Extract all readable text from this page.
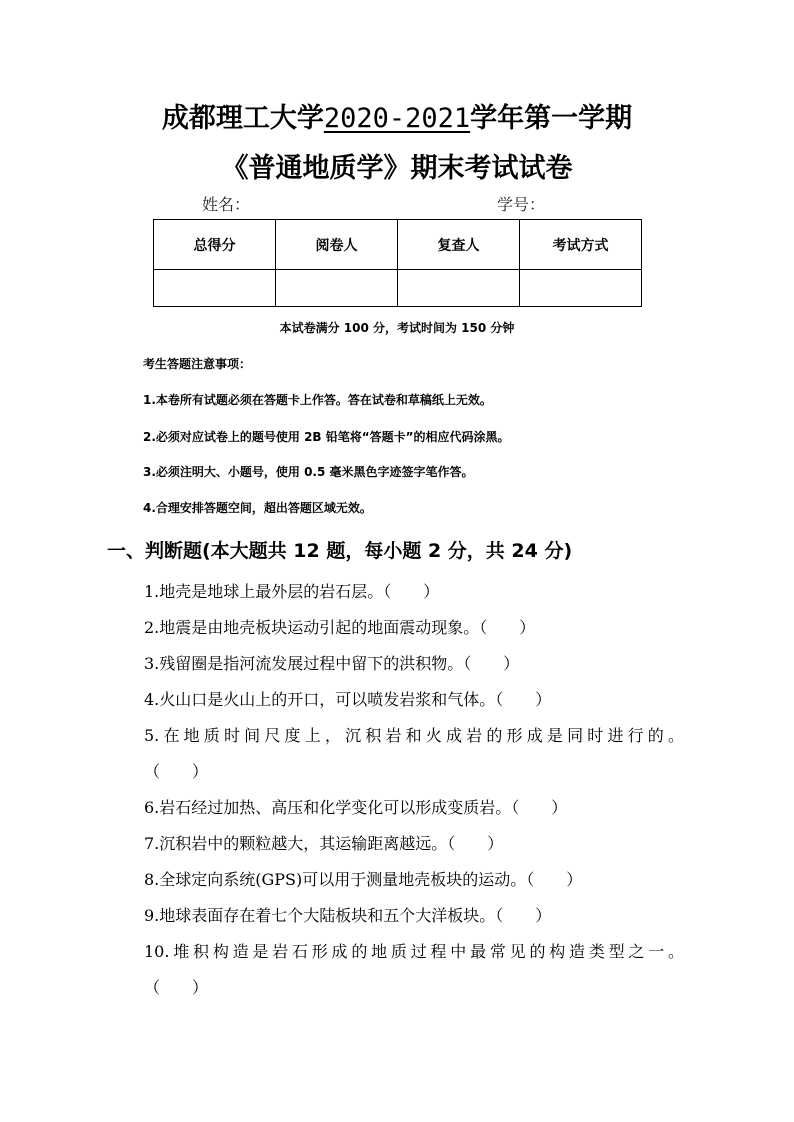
成都理工大学2020-2021学年第一学期
《普通地质学》期末考试试卷
姓名：	学号：
总得分	阅卷人	复查人	考试方式

本试卷满分 100 分，考试时间为 150 分钟
考生答题注意事项：
1.本卷所有试题必须在答题卡上作答。答在试卷和草稿纸上无效。
2.必须对应试卷上的题号使用 2B 铅笔将“答题卡”的相应代码涂黑。
3.必须注明大、小题号，使用 0.5 毫米黑色字迹签字笔作答。
4.合理安排答题空间，超出答题区域无效。
一、判断题(本大题共 12 题，每小题 2 分，共 24 分)
1.地壳是地球上最外层的岩石层。（　　）
2.地震是由地壳板块运动引起的地面震动现象。（　　）
3.残留圈是指河流发展过程中留下的洪积物。（　　）
4.火山口是火山上的开口，可以喷发岩浆和气体。（　　）
5.在地质时间尺度上，沉积岩和火成岩的形成是同时进行的。
（　　）
6.岩石经过加热、高压和化学变化可以形成变质岩。（　　）
7.沉积岩中的颗粒越大，其运输距离越远。（　　）
8.全球定向系统(GPS)可以用于测量地壳板块的运动。（　　）
9.地球表面存在着七个大陆板块和五个大洋板块。（　　）
10.堆积构造是岩石形成的地质过程中最常见的构造类型之一。
（　　）
